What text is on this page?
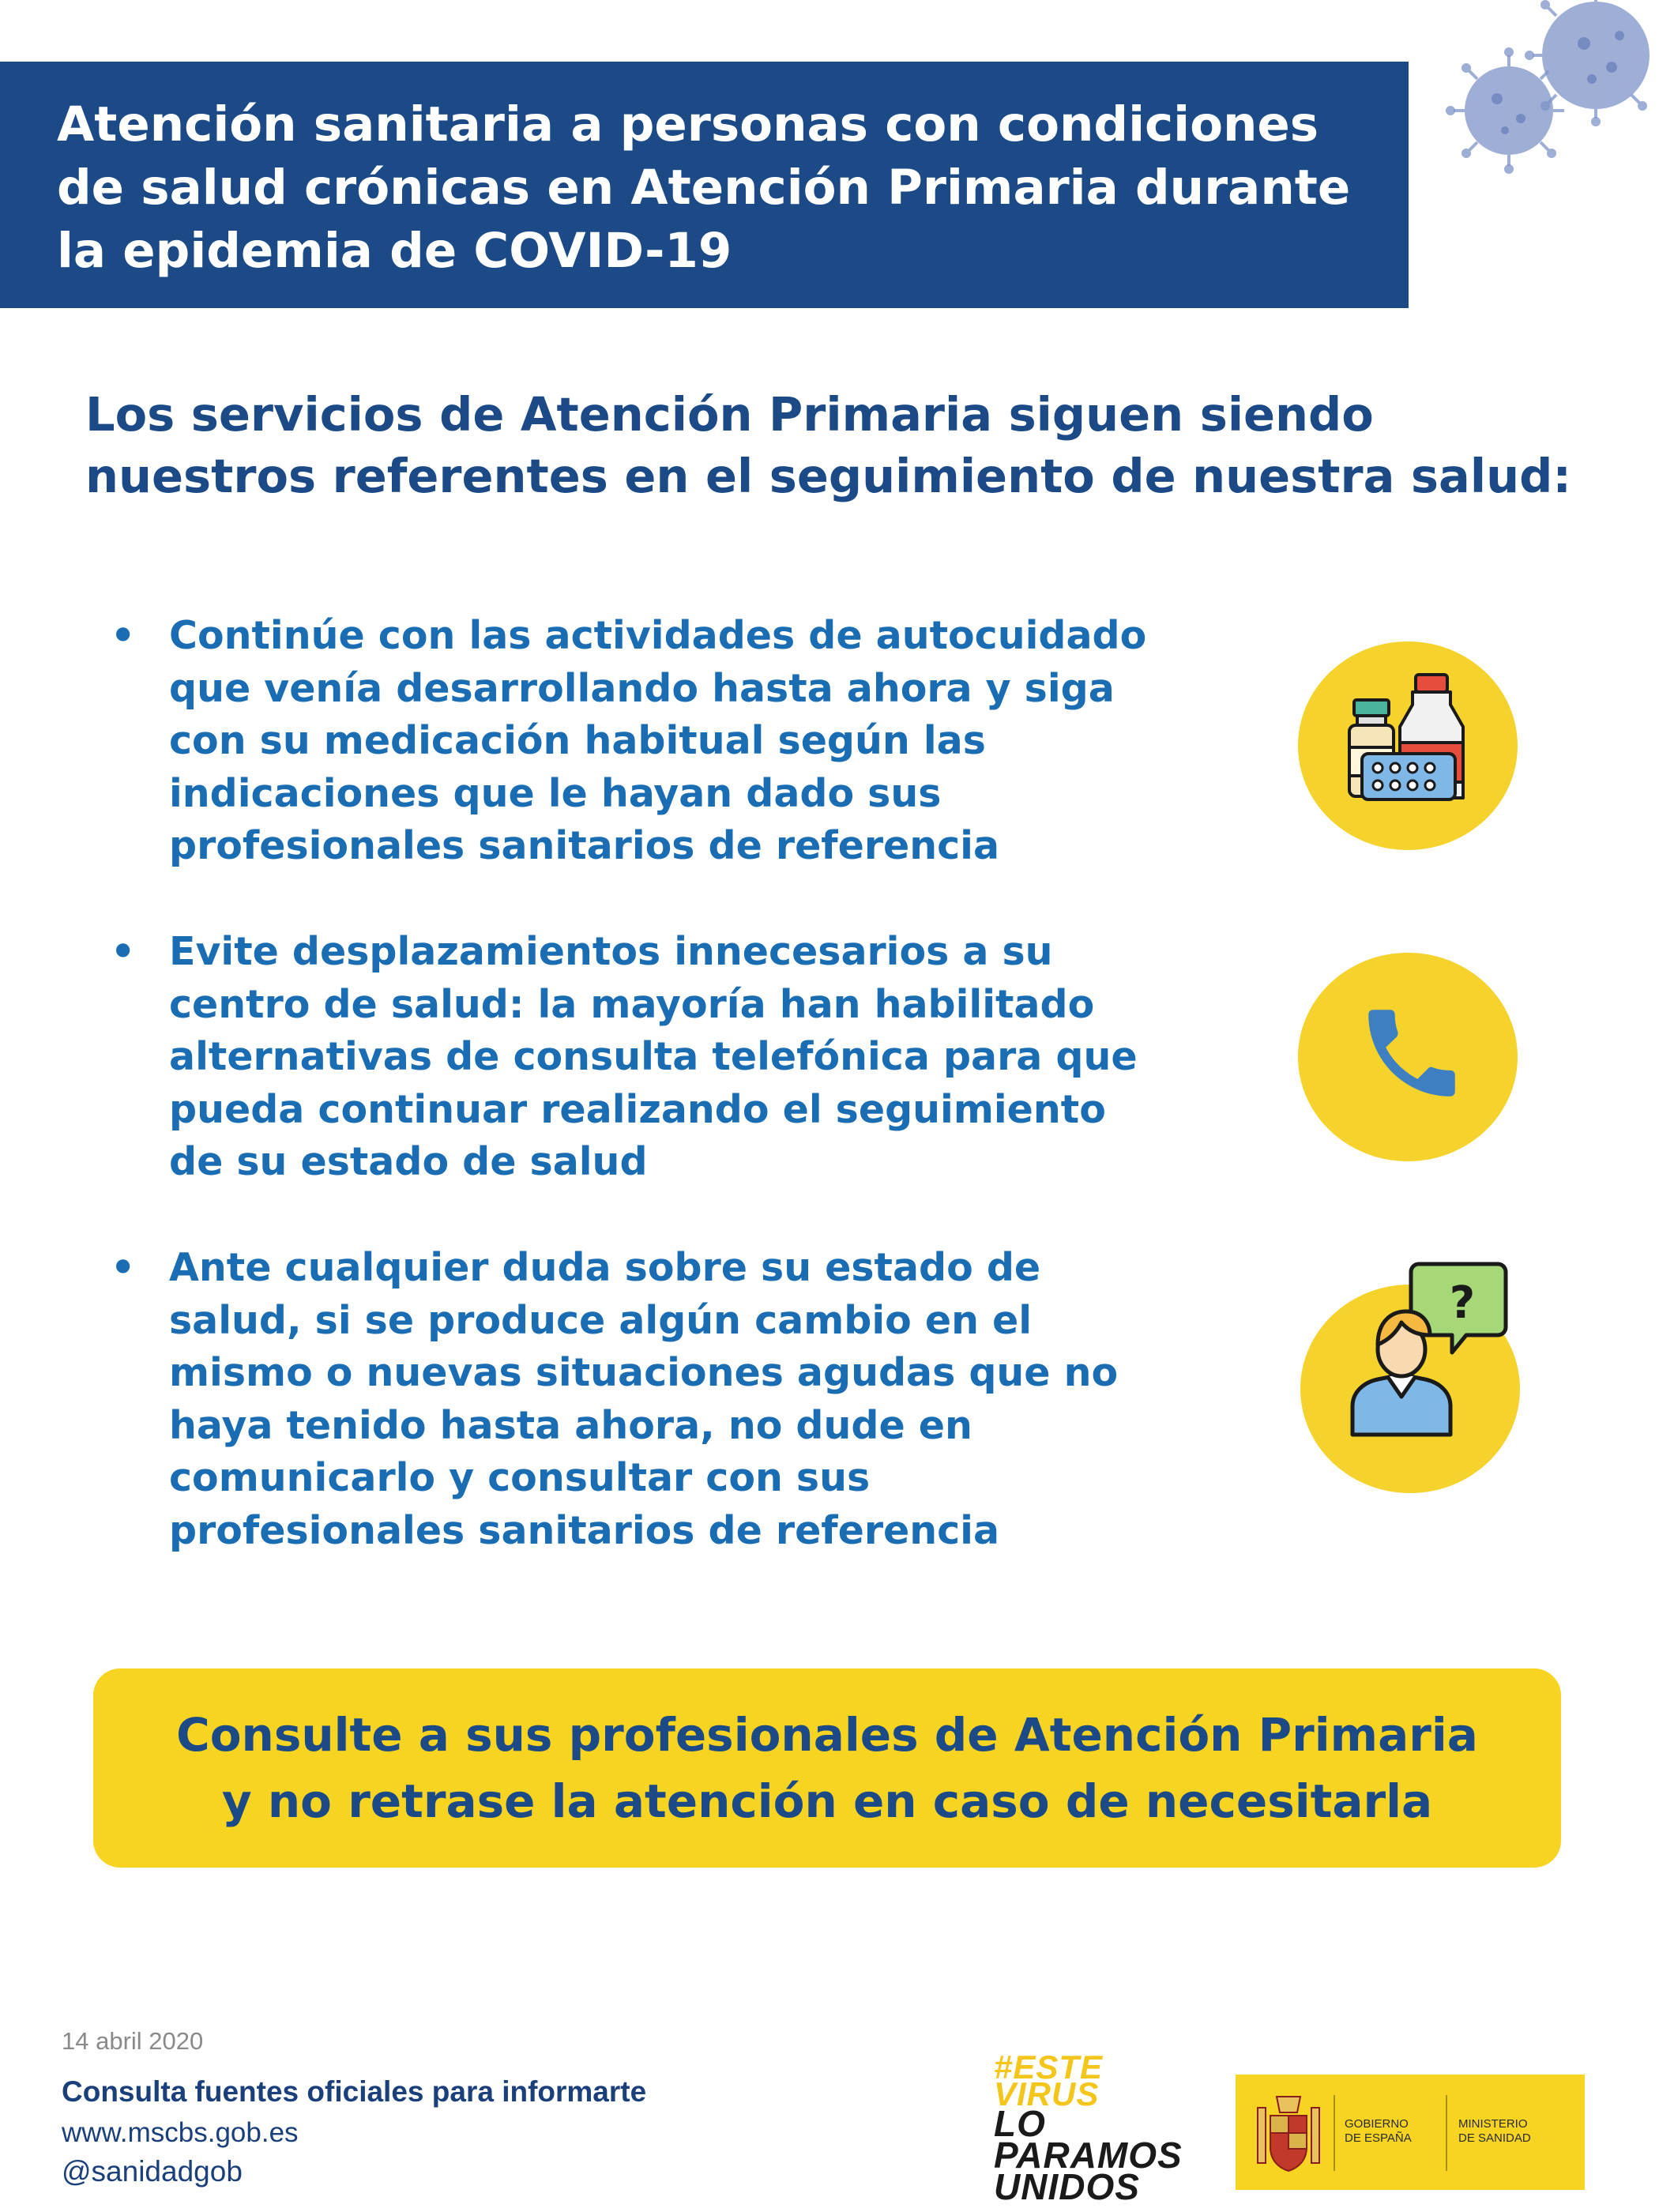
Atención sanitaria a personas con condiciones
de salud crónicas en Atención Primaria durante
la epidemia de COVID-19
Los servicios de Atención Primaria siguen siendo
nuestros referentes en el seguimiento de nuestra salud:
• Continúe con las actividades de autocuidado
que venía desarrollando hasta ahora y siga
con su medicación habitual según las
indicaciones que le hayan dado sus
profesionales sanitarios de referencia
• Evite desplazamientos innecesarios a su
centro de salud: la mayoría han habilitado
alternativas de consulta telefónica para que
pueda continuar realizando el seguimiento
de su estado de salud
• Ante cualquier duda sobre su estado de
salud, si se produce algún cambio en el
mismo o nuevas situaciones agudas que no
haya tenido hasta ahora, no dude en
comunicarlo y consultar con sus
profesionales sanitarios de referencia
?
Consulte a sus profesionales de Atención Primaria
y no retrase la atención en caso de necesitarla
14 abril 2020
Consulta fuentes oficiales para informarte
www.mscbs.gob.es
@sanidadgob
#ESTE
VIRUS
LO
PARAMOS
UNIDOS
GOBIERNO
DE ESPAÑA
MINISTERIO
DE SANIDAD
